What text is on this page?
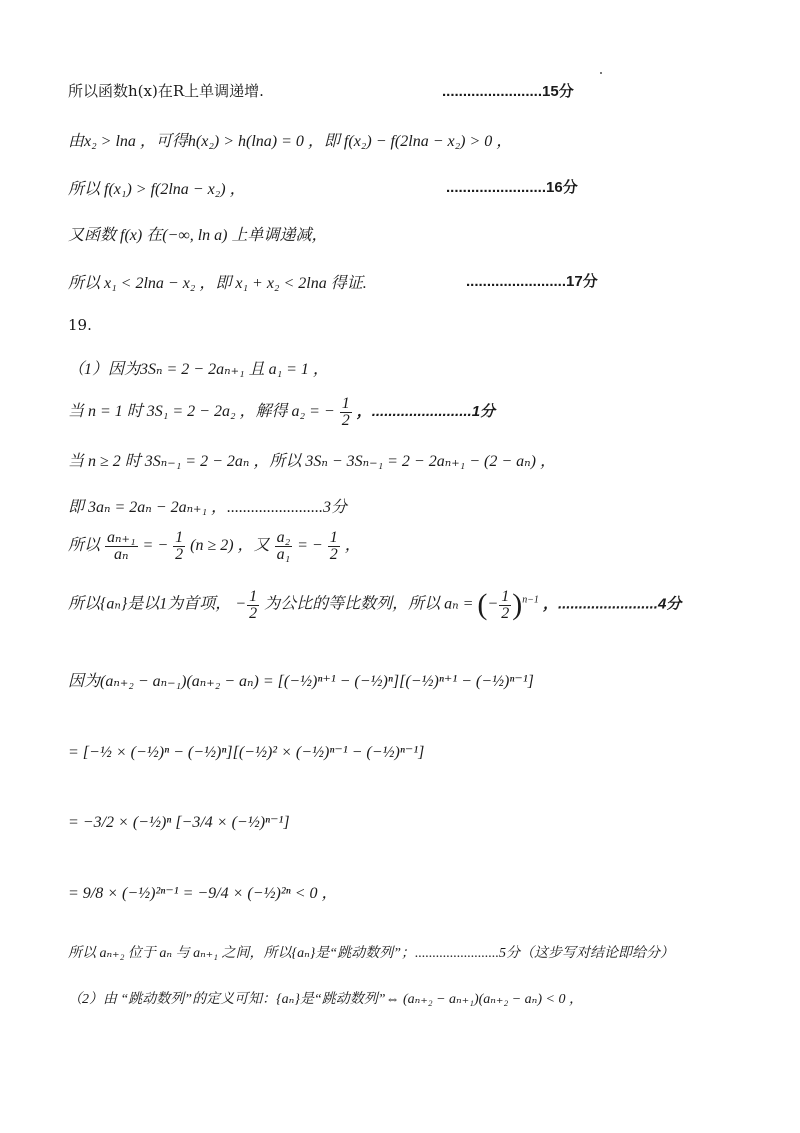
所以函数h(x)在R上单调递增.	........................15分
由x₂ > lna ，可得h(x₂) > h(lna) = 0 ，即 f(x₂) − f(2lna − x₂) > 0 ，
所以 f(x₁) > f(2lna − x₂) ，	........................16分
又函数 f(x) 在(−∞, ln a) 上单调递减，
所以 x₁ < 2lna − x₂ ，即 x₁ + x₂ < 2lna 得证.	........................17分
19.
（1）因为3Sₙ = 2 − 2aₙ₊₁ 且 a₁ = 1 ，
当 n = 1 时 3S₁ = 2 − 2a₂ ，解得 a₂ = − $\frac{1}{2}$ ，........................1分
当 n ≥ 2 时 3Sₙ₋₁ = 2 − 2aₙ ，所以 3Sₙ − 3Sₙ₋₁ = 2 − 2aₙ₊₁ − (2 − aₙ) ，
即 3aₙ = 2aₙ − 2aₙ₊₁ ，........................3分
所以 $\frac{\text{aₙ₊₁}}{\text{aₙ}}$ = − $\frac{1}{2} (n \ge 2)$ ，又 $\frac{\text{a₂}}{\text{a₁}}$ = − $\frac{1}{2}$ ，
所以{aₙ}是以1为首项， − $\frac{1}{2}$ 为公比的等比数列，所以 aₙ = (− $\frac{1}{2} )^{n-1}$ ，........................4分
因为(aₙ₊₂ − aₙ₋₁)(aₙ₊₂ − aₙ) = [(−½)ⁿ⁺¹ − (−½)ⁿ][(−½)ⁿ⁺¹ − (−½)ⁿ⁻¹]
= [−½ × (−½)ⁿ − (−½)ⁿ][(−½)² × (−½)ⁿ⁻¹ − (−½)ⁿ⁻¹]
= −3/2 × (−½)ⁿ [−3/4 × (−½)ⁿ⁻¹]
= 9/8 × (−½)²ⁿ⁻¹ = −9/4 × (−½)²ⁿ < 0 ，
所以 aₙ₊₂ 位于 aₙ 与 aₙ₊₁ 之间，所以{aₙ}是“跳动数列”；........................5分（这步写对结论即给分）
（2）由 “跳动数列”的定义可知：{aₙ}是“跳动数列”⇔ (aₙ₊₂ − aₙ₊₁)(aₙ₊₂ − aₙ) < 0 ，
